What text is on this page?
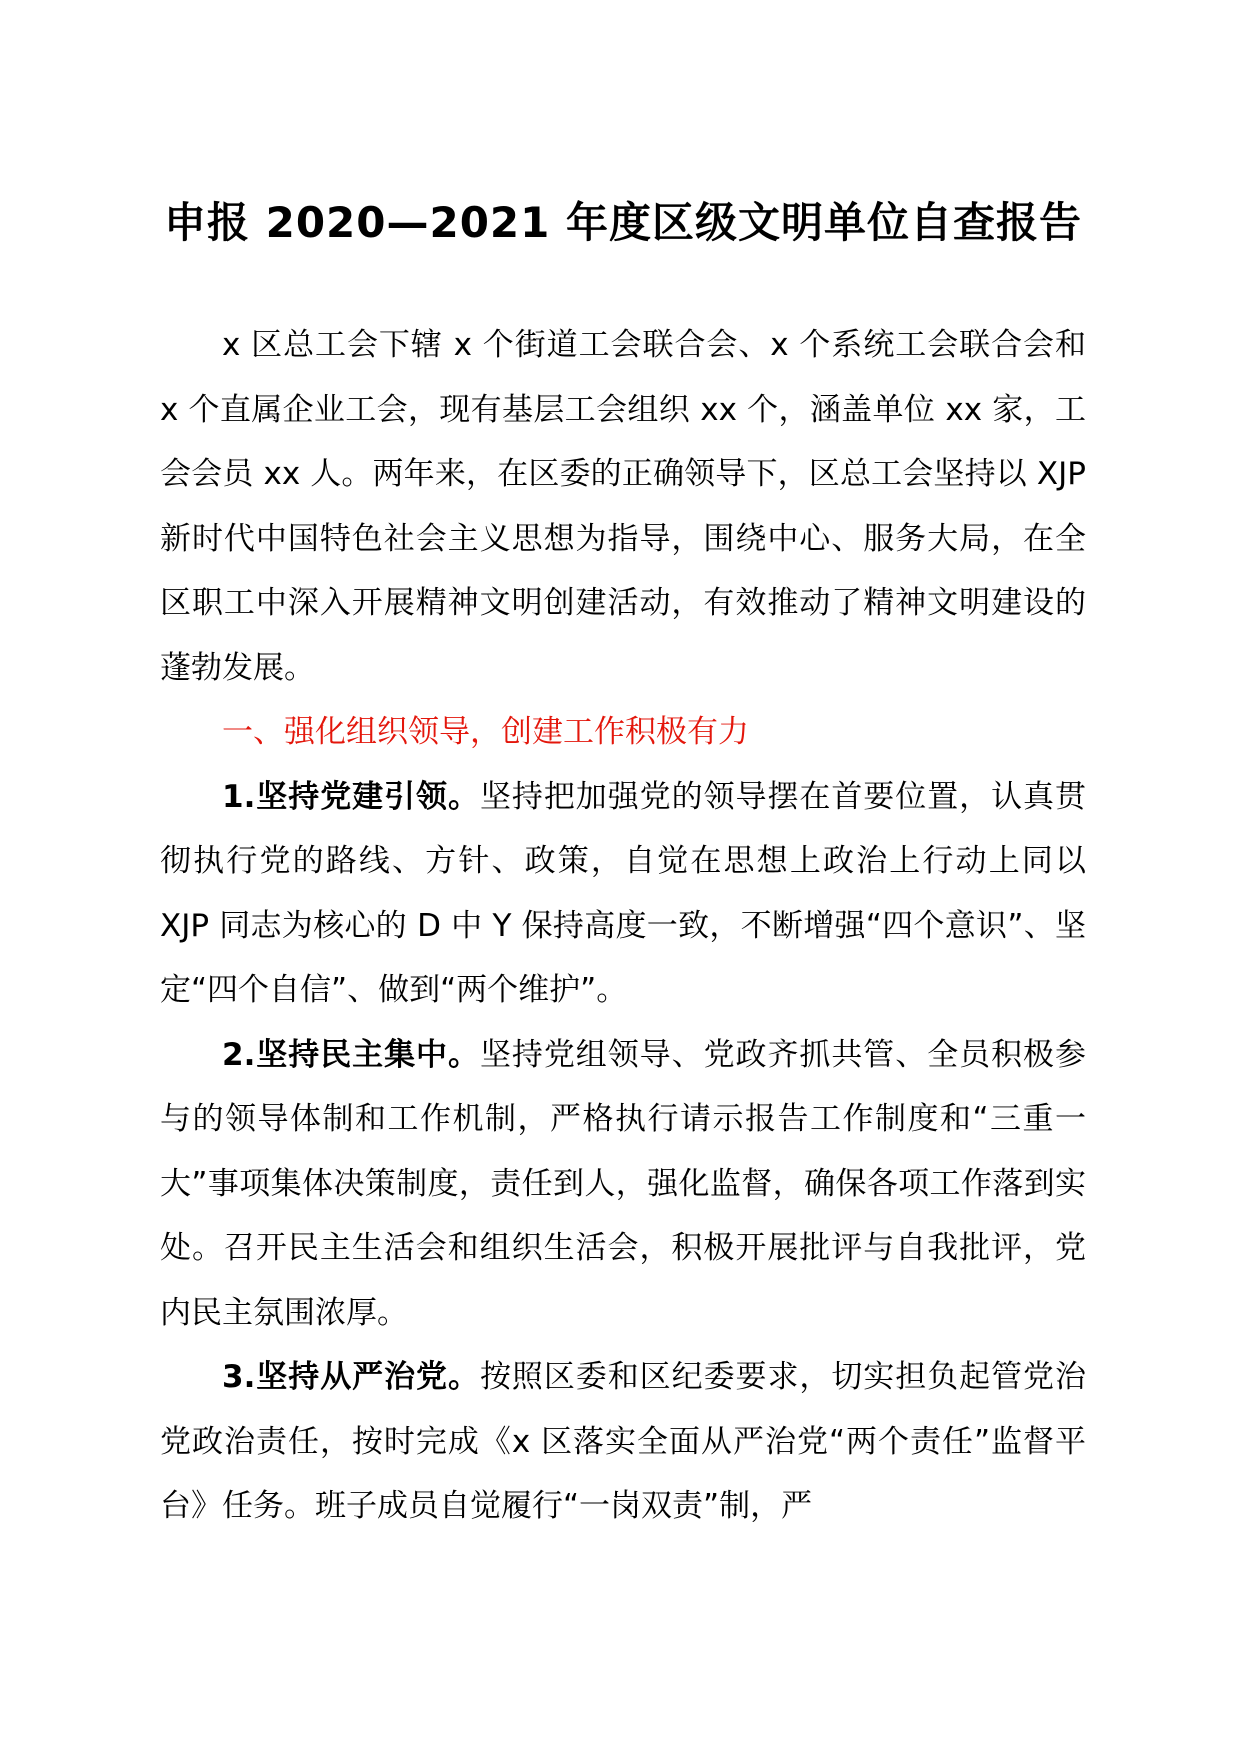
申报 2020—2021 年度区级文明单位自查报告

x 区总工会下辖 x 个街道工会联合会、x 个系统工会联合会和 x 个直属企业工会，现有基层工会组织 xx 个，涵盖单位 xx 家，工会会员 xx 人。两年来，在区委的正确领导下，区总工会坚持以 XJP 新时代中国特色社会主义思想为指导，围绕中心、服务大局，在全区职工中深入开展精神文明创建活动，有效推动了精神文明建设的蓬勃发展。

一、强化组织领导，创建工作积极有力

1.坚持党建引领。坚持把加强党的领导摆在首要位置，认真贯彻执行党的路线、方针、政策，自觉在思想上政治上行动上同以 XJP 同志为核心的 D 中 Y 保持高度一致，不断增强“四个意识”、坚定“四个自信”、做到“两个维护”。

2.坚持民主集中。坚持党组领导、党政齐抓共管、全员积极参与的领导体制和工作机制，严格执行请示报告工作制度和“三重一大”事项集体决策制度，责任到人，强化监督，确保各项工作落到实处。召开民主生活会和组织生活会，积极开展批评与自我批评，党内民主氛围浓厚。

3.坚持从严治党。按照区委和区纪委要求，切实担负起管党治党政治责任，按时完成《x 区落实全面从严治党“两个责任”监督平台》任务。班子成员自觉履行“一岗双责”制，严
